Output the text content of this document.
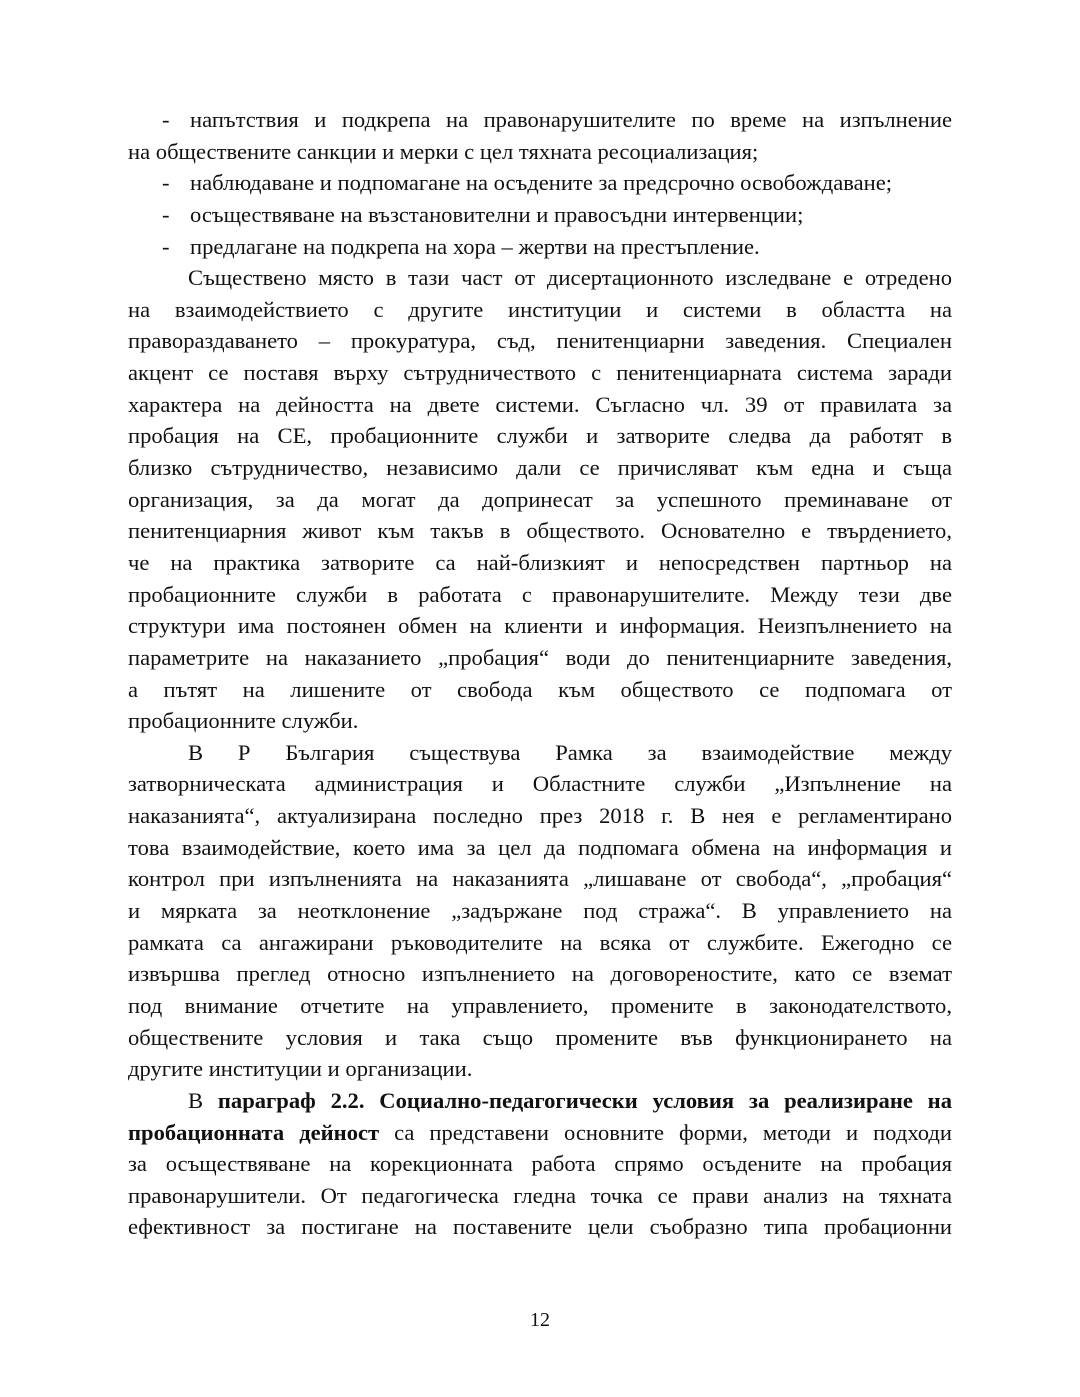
- напътствия и подкрепа на правонарушителите по време на изпълнение
на обществените санкции и мерки с цел тяхната ресоциализация;
- наблюдаване и подпомагане на осъдените за предсрочно освобождаване;
- осъществяване на възстановителни и правосъдни интервенции;
- предлагане на подкрепа на хора – жертви на престъпление.
Съществено място в тази част от дисертационното изследване е отредено
на взаимодействието с другите институции и системи в областта на
правораздаването – прокуратура, съд, пенитенциарни заведения. Специален
акцент се поставя върху сътрудничеството с пенитенциарната система заради
характера на дейността на двете системи. Съгласно чл. 39 от правилата за
пробация на СЕ, пробационните служби и затворите следва да работят в
близко сътрудничество, независимо дали се причисляват към една и съща
организация, за да могат да допринесат за успешното преминаване от
пенитенциарния живот към такъв в обществото. Основателно е твърдението,
че на практика затворите са най-близкият и непосредствен партньор на
пробационните служби в работата с правонарушителите. Между тези две
структури има постоянен обмен на клиенти и информация. Неизпълнението на
параметрите на наказанието „пробация“ води до пенитенциарните заведения,
а пътят на лишените от свобода към обществото се подпомага от
пробационните служби.
В Р България съществува Рамка за взаимодействие между
затворническата администрация и Областните служби „Изпълнение на
наказанията“, актуализирана последно през 2018 г. В нея е регламентирано
това взаимодействие, което има за цел да подпомага обмена на информация и
контрол при изпълненията на наказанията „лишаване от свобода“, „пробация“
и мярката за неотклонение „задържане под стража“. В управлението на
рамката са ангажирани ръководителите на всяка от службите. Ежегодно се
извършва преглед относно изпълнението на договореностите, като се вземат
под внимание отчетите на управлението, промените в законодателството,
обществените условия и така също промените във функционирането на
другите институции и организации.
В параграф 2.2. Социално-педагогически условия за реализиране на
пробационната дейност са представени основните форми, методи и подходи
за осъществяване на корекционната работа спрямо осъдените на пробация
правонарушители. От педагогическа гледна точка се прави анализ на тяхната
ефективност за постигане на поставените цели съобразно типа пробационни
12
